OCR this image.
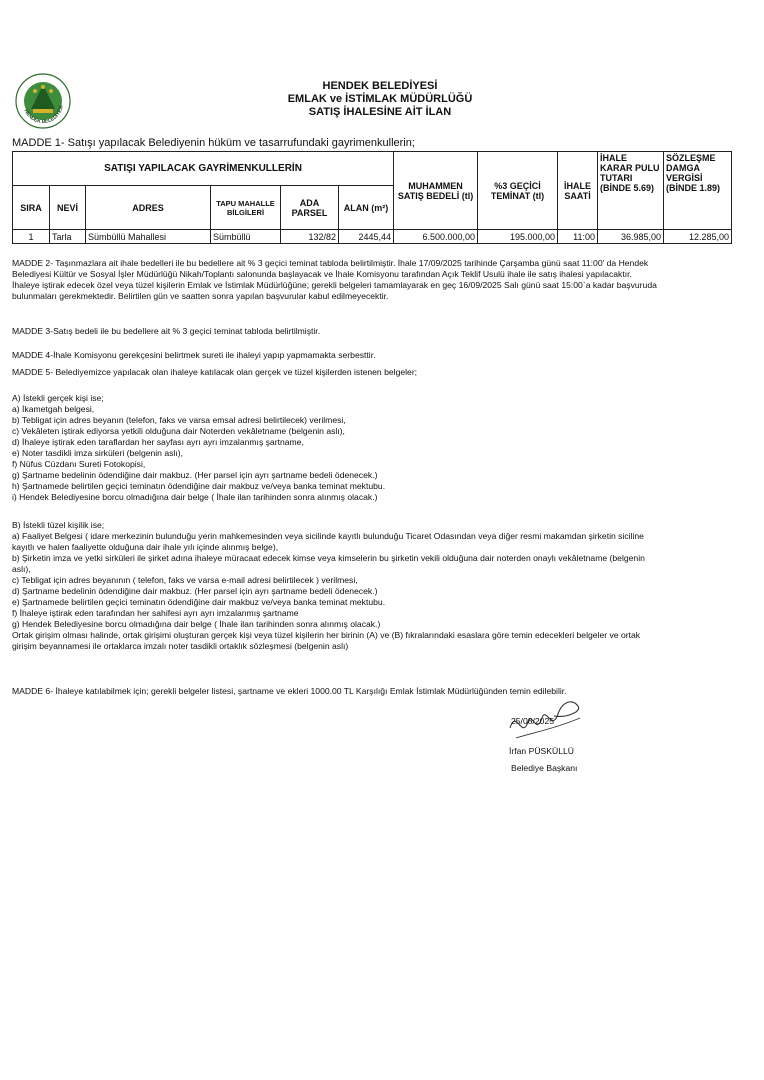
HENDEK BELEDİYESİ
HENDEK BELEDİYESİ
EMLAK ve İSTİMLAK MÜDÜRLÜĞÜ
SATIŞ İHALESİNE AİT İLAN
MADDE 1- Satışı yapılacak Belediyenin hüküm ve tasarrufundaki gayrimenkullerin;
SATIŞI YAPILACAK GAYRİMENKULLERİN						MUHAMMEN SATIŞ BEDELİ (tl)	%3 GEÇİCİ TEMİNAT (tl)	İHALE SAATİ	İHALE KARAR PULU TUTARI (BİNDE 5.69)	SÖZLEŞME DAMGA VERGİSİ (BİNDE 1.89)
SIRA	NEVİ	ADRES	TAPU MAHALLE BİLGİLERİ	ADA PARSEL	ALAN (m²)					
1	Tarla	Sümbüllü Mahallesi	Sümbüllü	132/82	2445,44	6.500.000,00	195.000,00	11:00	36.985,00	12.285,00
MADDE 2- Taşınmazlara ait ihale bedelleri ile bu bedellere ait % 3 geçici teminat tabloda belirtilmiştir. İhale 17/09/2025 tarihinde Çarşamba günü saat 11:00' da Hendek
Belediyesi Kültür ve Sosyal İşler Müdürlüğü Nikah/Toplantı salonunda başlayacak ve İhale Komisyonu tarafından Açık Teklif Usulü ihale ile satış ihalesi yapılacaktır.
İhaleye iştirak edecek özel veya tüzel kişilerin Emlak ve İstimlak Müdürlüğüne; gerekli belgeleri tamamlayarak en geç 16/09/2025 Salı günü saat 15:00`a kadar başvuruda
bulunmaları gerekmektedir. Belirtilen gün ve saatten sonra yapılan başvurular kabul edilmeyecektir.
MADDE 3-Satış bedeli ile bu bedellere ait % 3 geçici teminat tabloda belirtilmiştir.
MADDE 4-İhale Komisyonu gerekçesini belirtmek sureti ile ihaleyi yapıp yapmamakta serbesttir.
MADDE 5- Belediyemizce yapılacak olan ihaleye katılacak olan gerçek ve tüzel kişilerden istenen belgeler;
A) İstekli gerçek kişi ise;
a) İkametgah belgesi,
b) Tebligat için adres beyanın (telefon, faks ve varsa emsal adresi belirtilecek) verilmesi,
c) Vekâleten iştirak ediyorsa yetkili olduğuna dair Noterden vekâletname (belgenin aslı),
d) İhaleye iştirak eden taraflardan her sayfası ayrı ayrı imzalanmış şartname,
e) Noter tasdikli imza sirküleri (belgenin aslı),
f) Nüfus Cüzdanı Sureti Fotokopisi,
g) Şartname bedelinin ödendiğine dair makbuz. (Her parsel için ayrı şartname bedeli ödenecek.)
h) Şartnamede belirtilen geçici teminatın ödendiğine dair makbuz ve/veya banka teminat mektubu.
i) Hendek Belediyesine borcu olmadığına dair belge ( İhale ilan tarihinden sonra alınmış olacak.)
B) İstekli tüzel kişilik ise;
a) Faaliyet Belgesi ( idare merkezinin bulunduğu yerin mahkemesinden veya sicilinde kayıtlı bulunduğu Ticaret Odasından veya diğer resmi makamdan şirketin siciline
kayıtlı ve halen faaliyette olduğuna dair ihale yılı içinde alınmış belge),
b) Şirketin imza ve yetki sirküleri ile şirket adına ihaleye müracaat edecek kimse veya kimselerin bu şirketin vekili olduğuna dair noterden onaylı vekâletname (belgenin
aslı),
c) Tebligat için adres beyanının ( telefon, faks ve varsa e-mail adresi belirtilecek ) verilmesi,
d) Şartname bedelinin ödendiğine dair makbuz. (Her parsel için ayrı şartname bedeli ödenecek.)
e) Şartnamede belirtilen geçici teminatın ödendiğine dair makbuz ve/veya banka teminat mektubu.
f) İhaleye iştirak eden tarafından her sahifesi ayrı ayrı imzalanmış şartname
g) Hendek Belediyesine borcu olmadığına dair belge ( İhale ilan tarihinden sonra alınmış olacak.)
Ortak girişim olması halinde, ortak girişimi oluşturan gerçek kişi veya tüzel kişilerin her birinin (A) ve (B) fıkralarındaki esaslara göre temin edecekleri belgeler ve ortak
girişim beyannamesi ile ortaklarca imzalı noter tasdikli ortaklık sözleşmesi (belgenin aslı)
MADDE 6- İhaleye katılabilmek için; gerekli belgeler listesi, şartname ve ekleri 1000.00 TL Karşılığı Emlak İstimlak Müdürlüğünden temin edilebilir.
25/08/2025
İrfan PÜSKÜLLÜ
Belediye Başkanı
